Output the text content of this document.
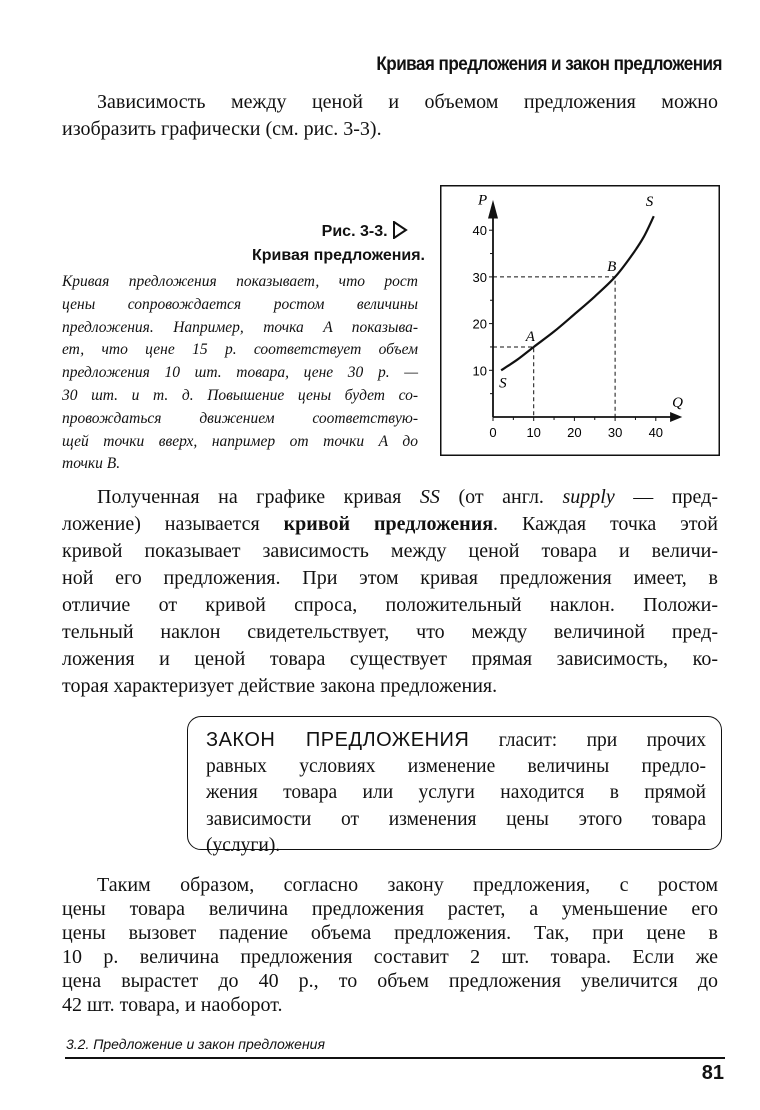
Кривая предложения и закон предложения
Зависимость между ценой и объемом предложения можно
изобразить графически (см. рис. 3-3).
Рис. 3-3.
Кривая предложения.
Кривая предложения показывает, что рост
цены сопровождается ростом величины
предложения. Например, точка A показыва-
ет, что цене 15 р. соответствует объем
предложения 10 шт. товара, цене 30 р. —
30 шт. и т. д. Повышение цены будет со-
провождаться движением соответствую-
щей точки вверх, например от точки A до
точки B.
0 10 20 30 40
10
20
30
40
P
Q
S
S
A
B
Полученная на графике кривая SS (от англ. supply — пред-
ложение) называется кривой предложения. Каждая точка этой
кривой показывает зависимость между ценой товара и величи-
ной его предложения. При этом кривая предложения имеет, в
отличие от кривой спроса, положительный наклон. Положи-
тельный наклон свидетельствует, что между величиной пред-
ложения и ценой товара существует прямая зависимость, ко-
торая характеризует действие закона предложения.
ЗАКОН ПРЕДЛОЖЕНИЯ гласит: при прочих
равных условиях изменение величины предло-
жения товара или услуги находится в прямой
зависимости от изменения цены этого товара
(услуги).
Таким образом, согласно закону предложения, с ростом
цены товара величина предложения растет, а уменьшение его
цены вызовет падение объема предложения. Так, при цене в
10 р. величина предложения составит 2 шт. товара. Если же
цена вырастет до 40 р., то объем предложения увеличится до
42 шт. товара, и наоборот.
3.2. Предложение и закон предложения
81
